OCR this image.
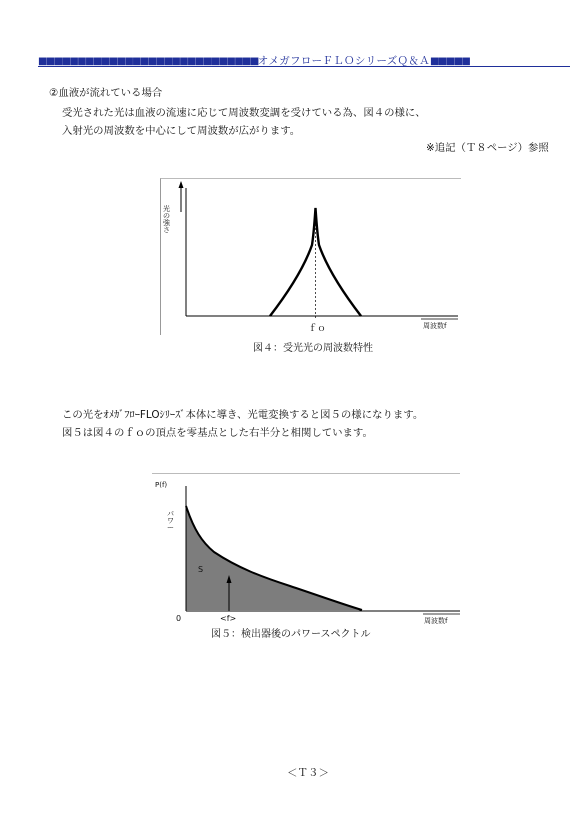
■■■■■■■■■■■■■■■■■■■■■■■■■■■■オメガフローＦＬＯシリーズＱ＆Ａ■■■■■
②血液が流れている場合
受光された光は血液の流速に応じて周波数変調を受けている為、図４の様に、
入射光の周波数を中心にして周波数が広がります。
※追記（Ｔ８ページ）参照
光の強さ
ｆｏ	周波数f
図４：受光光の周波数特性
この光をｵﾒｶﾞﾌﾛｰFLOｼﾘｰｽﾞ本体に導き、光電変換すると図５の様になります。
図５は図４のｆｏの頂点を零基点とした右半分と相関しています。
P(f)
パワー
0
S
<f>	周波数f
図５：検出器後のパワースペクトル
＜Ｔ３＞
